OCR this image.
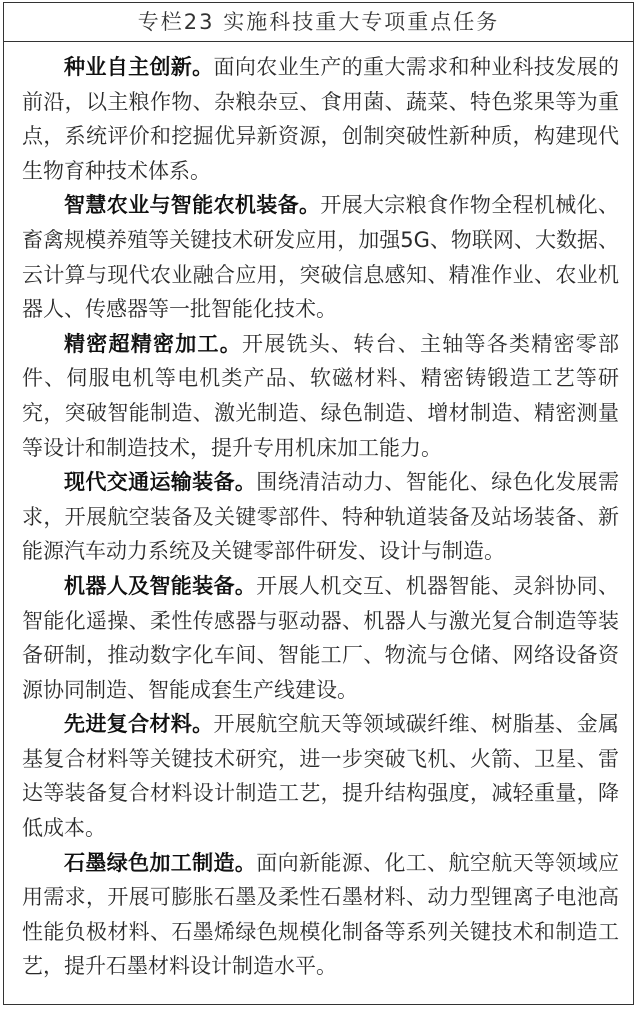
专栏23 实施科技重大专项重点任务

种业自主创新。面向农业生产的重大需求和种业科技发展的前沿，以主粮作物、杂粮杂豆、食用菌、蔬菜、特色浆果等为重点，系统评价和挖掘优异新资源，创制突破性新种质，构建现代生物育种技术体系。

智慧农业与智能农机装备。开展大宗粮食作物全程机械化、畜禽规模养殖等关键技术研发应用，加强5G、物联网、大数据、云计算与现代农业融合应用，突破信息感知、精准作业、农业机器人、传感器等一批智能化技术。

精密超精密加工。开展铣头、转台、主轴等各类精密零部件、伺服电机等电机类产品、软磁材料、精密铸锻造工艺等研究，突破智能制造、激光制造、绿色制造、增材制造、精密测量等设计和制造技术，提升专用机床加工能力。

现代交通运输装备。围绕清洁动力、智能化、绿色化发展需求，开展航空装备及关键零部件、特种轨道装备及站场装备、新能源汽车动力系统及关键零部件研发、设计与制造。

机器人及智能装备。开展人机交互、机器智能、灵斜协同、智能化遥操、柔性传感器与驱动器、机器人与激光复合制造等装备研制，推动数字化车间、智能工厂、物流与仓储、网络设备资源协同制造、智能成套生产线建设。

先进复合材料。开展航空航天等领域碳纤维、树脂基、金属基复合材料等关键技术研究，进一步突破飞机、火箭、卫星、雷达等装备复合材料设计制造工艺，提升结构强度，减轻重量，降低成本。

石墨绿色加工制造。面向新能源、化工、航空航天等领域应用需求，开展可膨胀石墨及柔性石墨材料、动力型锂离子电池高性能负极材料、石墨烯绿色规模化制备等系列关键技术和制造工艺，提升石墨材料设计制造水平。
